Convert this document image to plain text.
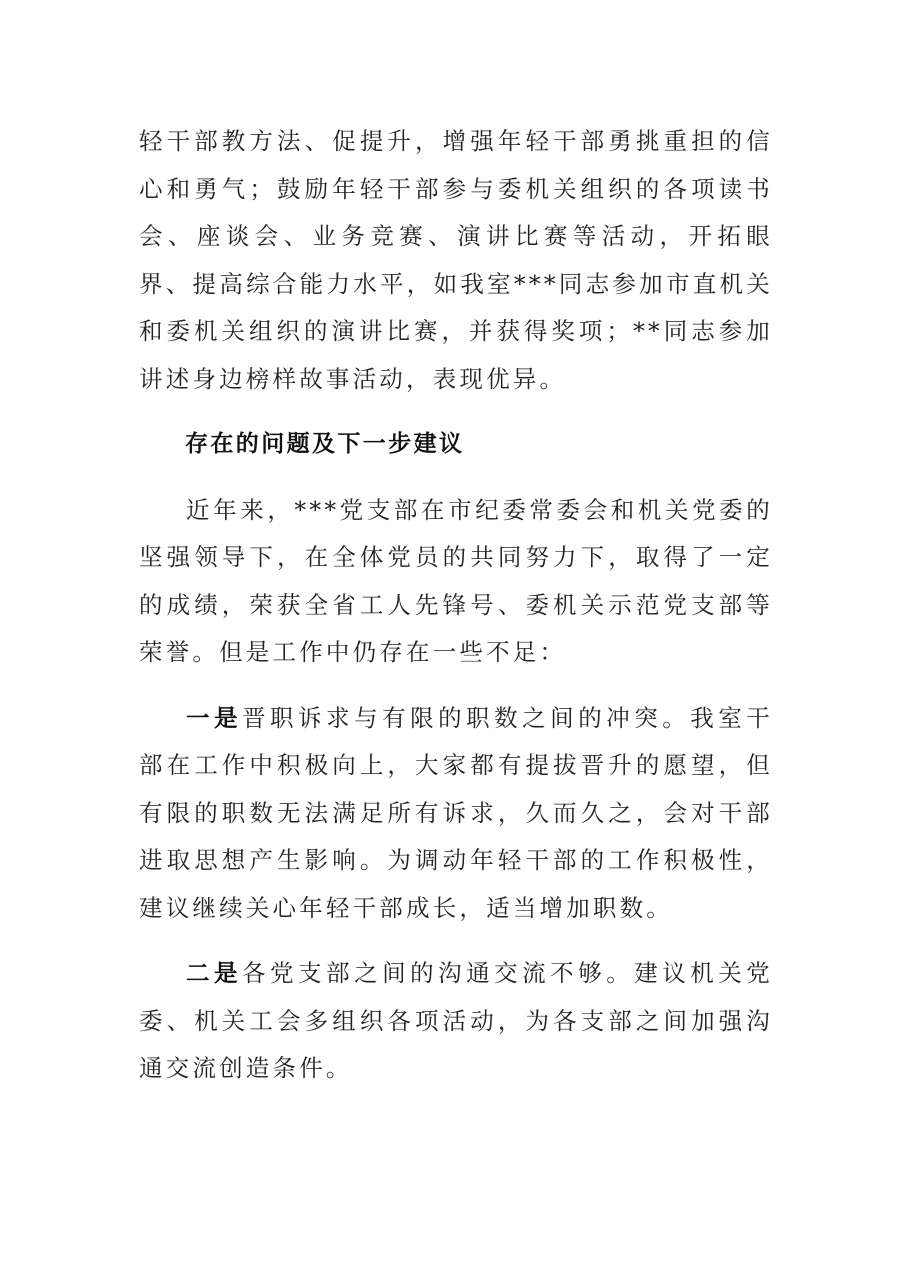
轻干部教方法、促提升，增强年轻干部勇挑重担的信心和勇气；鼓励年轻干部参与委机关组织的各项读书会、座谈会、业务竞赛、演讲比赛等活动，开拓眼界、提高综合能力水平，如我室***同志参加市直机关和委机关组织的演讲比赛，并获得奖项；**同志参加讲述身边榜样故事活动，表现优异。

存在的问题及下一步建议

近年来，***党支部在市纪委常委会和机关党委的坚强领导下，在全体党员的共同努力下，取得了一定的成绩，荣获全省工人先锋号、委机关示范党支部等荣誉。但是工作中仍存在一些不足：

一是晋职诉求与有限的职数之间的冲突。我室干部在工作中积极向上，大家都有提拔晋升的愿望，但有限的职数无法满足所有诉求，久而久之，会对干部进取思想产生影响。为调动年轻干部的工作积极性，建议继续关心年轻干部成长，适当增加职数。

二是各党支部之间的沟通交流不够。建议机关党委、机关工会多组织各项活动，为各支部之间加强沟通交流创造条件。
